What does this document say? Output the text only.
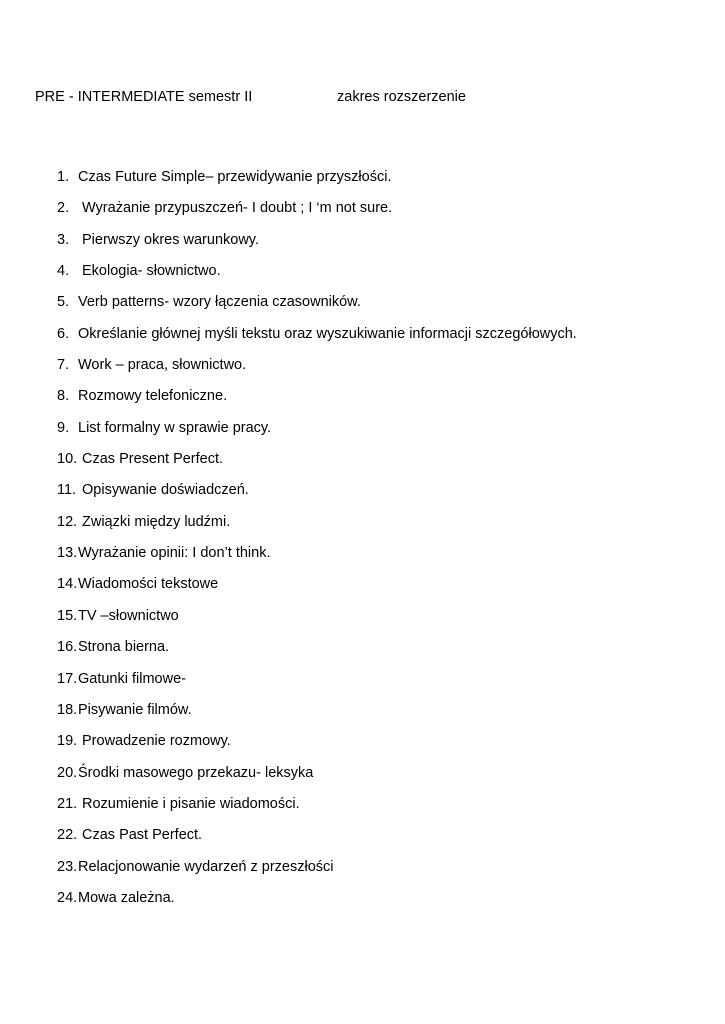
PRE - INTERMEDIATE semestr II	zakres rozszerzenie
1. Czas Future Simple– przewidywanie przyszłości.
2. Wyrażanie przypuszczeń- I doubt ; I ‘m not sure.
3. Pierwszy okres warunkowy.
4. Ekologia- słownictwo.
5. Verb patterns- wzory łączenia czasowników.
6. Określanie głównej myśli tekstu oraz wyszukiwanie informacji szczegółowych.
7. Work – praca, słownictwo.
8. Rozmowy telefoniczne.
9. List formalny w sprawie pracy.
10. Czas Present Perfect.
11. Opisywanie doświadczeń.
12. Związki między ludźmi.
13. Wyrażanie opinii: I don’t think.
14. Wiadomości tekstowe
15. TV –słownictwo
16. Strona bierna.
17. Gatunki filmowe-
18. Pisywanie filmów.
19. Prowadzenie rozmowy.
20. Środki masowego przekazu- leksyka
21. Rozumienie i pisanie wiadomości.
22. Czas Past Perfect.
23. Relacjonowanie wydarzeń z przeszłości
24. Mowa zależna.
